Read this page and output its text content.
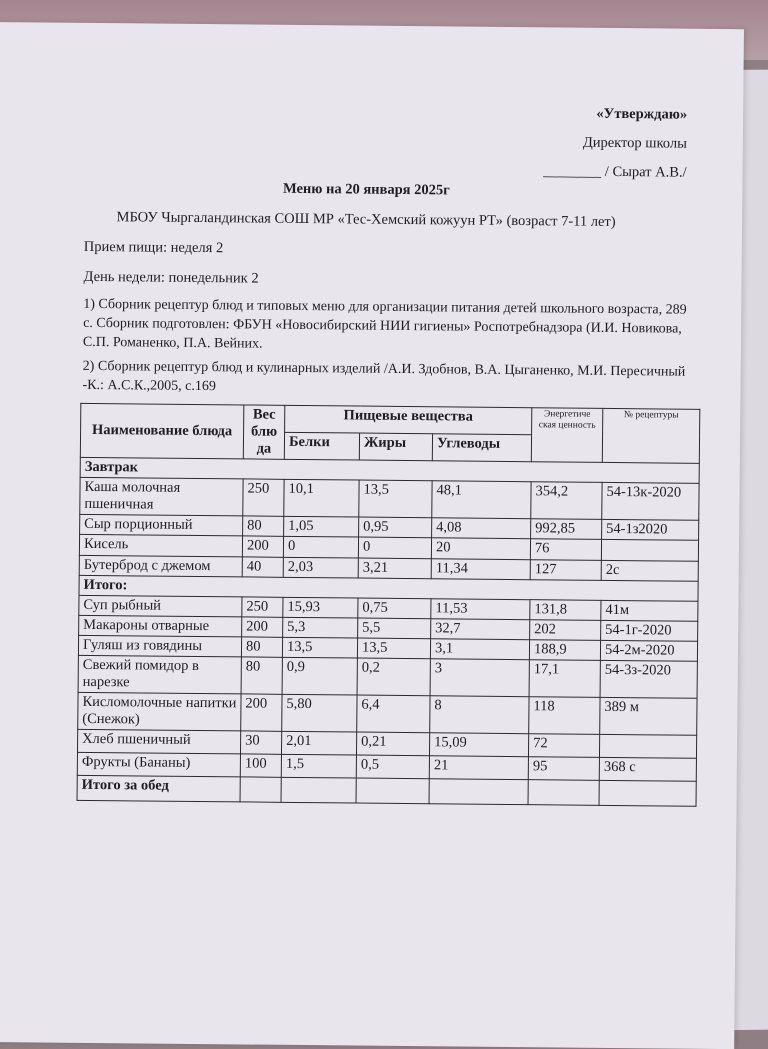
«Утверждаю»
Директор школы
________ / Сырат А.В./
Меню на 20 января 2025г
МБОУ Чыргаландинская СОШ МР «Тес-Хемский кожуун РТ» (возраст 7-11 лет)
Прием пищи: неделя 2
День недели: понедельник 2
1) Сборник рецептур блюд и типовых меню для организации питания детей школьного возраста, 289 с. Сборник подготовлен: ФБУН «Новосибирский НИИ гигиены» Роспотребнадзора (И.И. Новикова, С.П. Романенко, П.А. Вейних.
2) Сборник рецептур блюд и кулинарных изделий /А.И. Здобнов, В.А. Цыганенко, М.И. Пересичный -К.: А.С.К.,2005, с.169
Наименование блюда	Вес блю да	Пищевые вещества			Энергетиче ская ценность	№ рецептуры
		Белки	Жиры	Углеводы		
Завтрак						
Каша молочная пшеничная	250	10,1	13,5	48,1	354,2	54-13к-2020
Сыр порционный	80	1,05	0,95	4,08	992,85	54-1з2020
Кисель	200	0	0	20	76	
Бутерброд с джемом	40	2,03	3,21	11,34	127	2с
Итого:						
Суп рыбный	250	15,93	0,75	11,53	131,8	41м
Макароны отварные	200	5,3	5,5	32,7	202	54-1г-2020
Гуляш из говядины	80	13,5	13,5	3,1	188,9	54-2м-2020
Свежий помидор в нарезке	80	0,9	0,2	3	17,1	54-3з-2020
Кисломолочные напитки (Снежок)	200	5,80	6,4	8	118	389 м
Хлеб пшеничный	30	2,01	0,21	15,09	72	
Фрукты (Бананы)	100	1,5	0,5	21	95	368 с
Итого за обед						
